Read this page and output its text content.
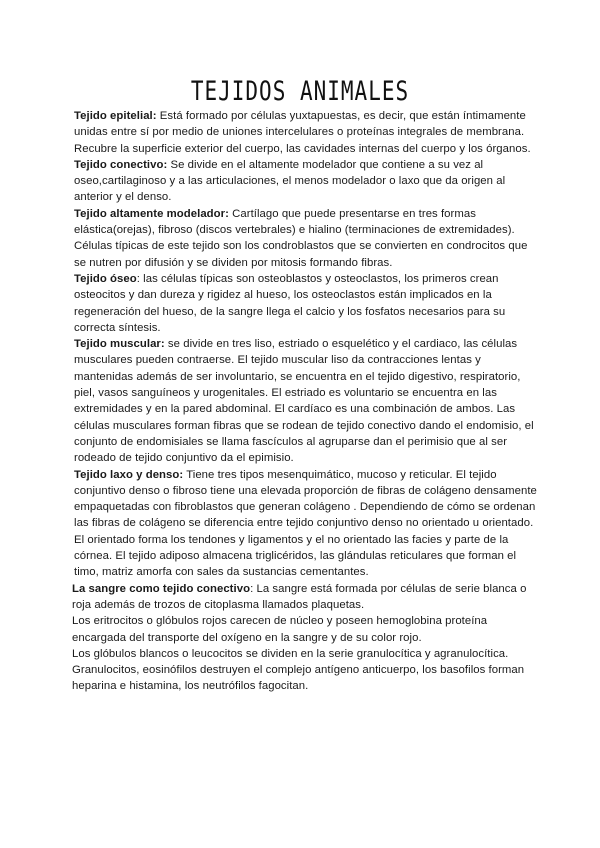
TEJIDOS ANIMALES

Tejido epitelial: Está formado por células yuxtapuestas, es decir, que están íntimamente unidas entre sí por medio de uniones intercelulares o proteínas integrales de membrana. Recubre la superficie exterior del cuerpo, las cavidades internas del cuerpo y los órganos.

Tejido conectivo: Se divide en el altamente modelador que contiene a su vez al oseo,cartilaginoso y a las articulaciones, el menos modelador o laxo que da origen al anterior y el denso.

Tejido altamente modelador: Cartílago que puede presentarse en tres formas elástica(orejas), fibroso (discos vertebrales) e hialino (terminaciones de extremidades). Células típicas de este tejido son los condroblastos que se convierten en condrocitos que se nutren por difusión y se dividen por mitosis formando fibras.

Tejido óseo: las células típicas son osteoblastos y osteoclastos, los primeros crean osteocitos y dan dureza y rigidez al hueso, los osteoclastos están implicados en la regeneración del hueso, de la sangre llega el calcio y los fosfatos necesarios para su correcta síntesis.

Tejido muscular: se divide en tres liso, estriado o esquelético y el cardiaco, las células musculares pueden contraerse. El tejido muscular liso da contracciones lentas y mantenidas además de ser involuntario, se encuentra en el tejido digestivo, respiratorio, piel, vasos sanguíneos y urogenitales. El estriado es voluntario se encuentra en las extremidades y en la pared abdominal. El cardíaco es una combinación de ambos. Las células musculares forman fibras que se rodean de tejido conectivo dando el endomisio, el conjunto de endomisiales se llama fascículos al agruparse dan el perimisio que al ser rodeado de tejido conjuntivo da el epimisio.

Tejido laxo y denso: Tiene tres tipos mesenquimático, mucoso y reticular. El tejido conjuntivo denso o fibroso tiene una elevada proporción de fibras de colágeno densamente empaquetadas con fibroblastos que generan colágeno . Dependiendo de cómo se ordenan las fibras de colágeno se diferencia entre tejido conjuntivo denso no orientado u orientado. El orientado forma los tendones y ligamentos y el no orientado las facies y parte de la córnea. El tejido adiposo almacena triglicéridos, las glándulas reticulares que forman el timo, matriz amorfa con sales da sustancias cementantes.

La sangre como tejido conectivo: La sangre está formada por células de serie blanca o roja además de trozos de citoplasma llamados plaquetas.

Los eritrocitos o glóbulos rojos carecen de núcleo y poseen hemoglobina proteína encargada del transporte del oxígeno en la sangre y de su color rojo.

Los glóbulos blancos o leucocitos se dividen en la serie granulocítica y agranulocítica. Granulocitos, eosinófilos destruyen el complejo antígeno anticuerpo, los basofilos forman heparina e histamina, los neutrófilos fagocitan.
